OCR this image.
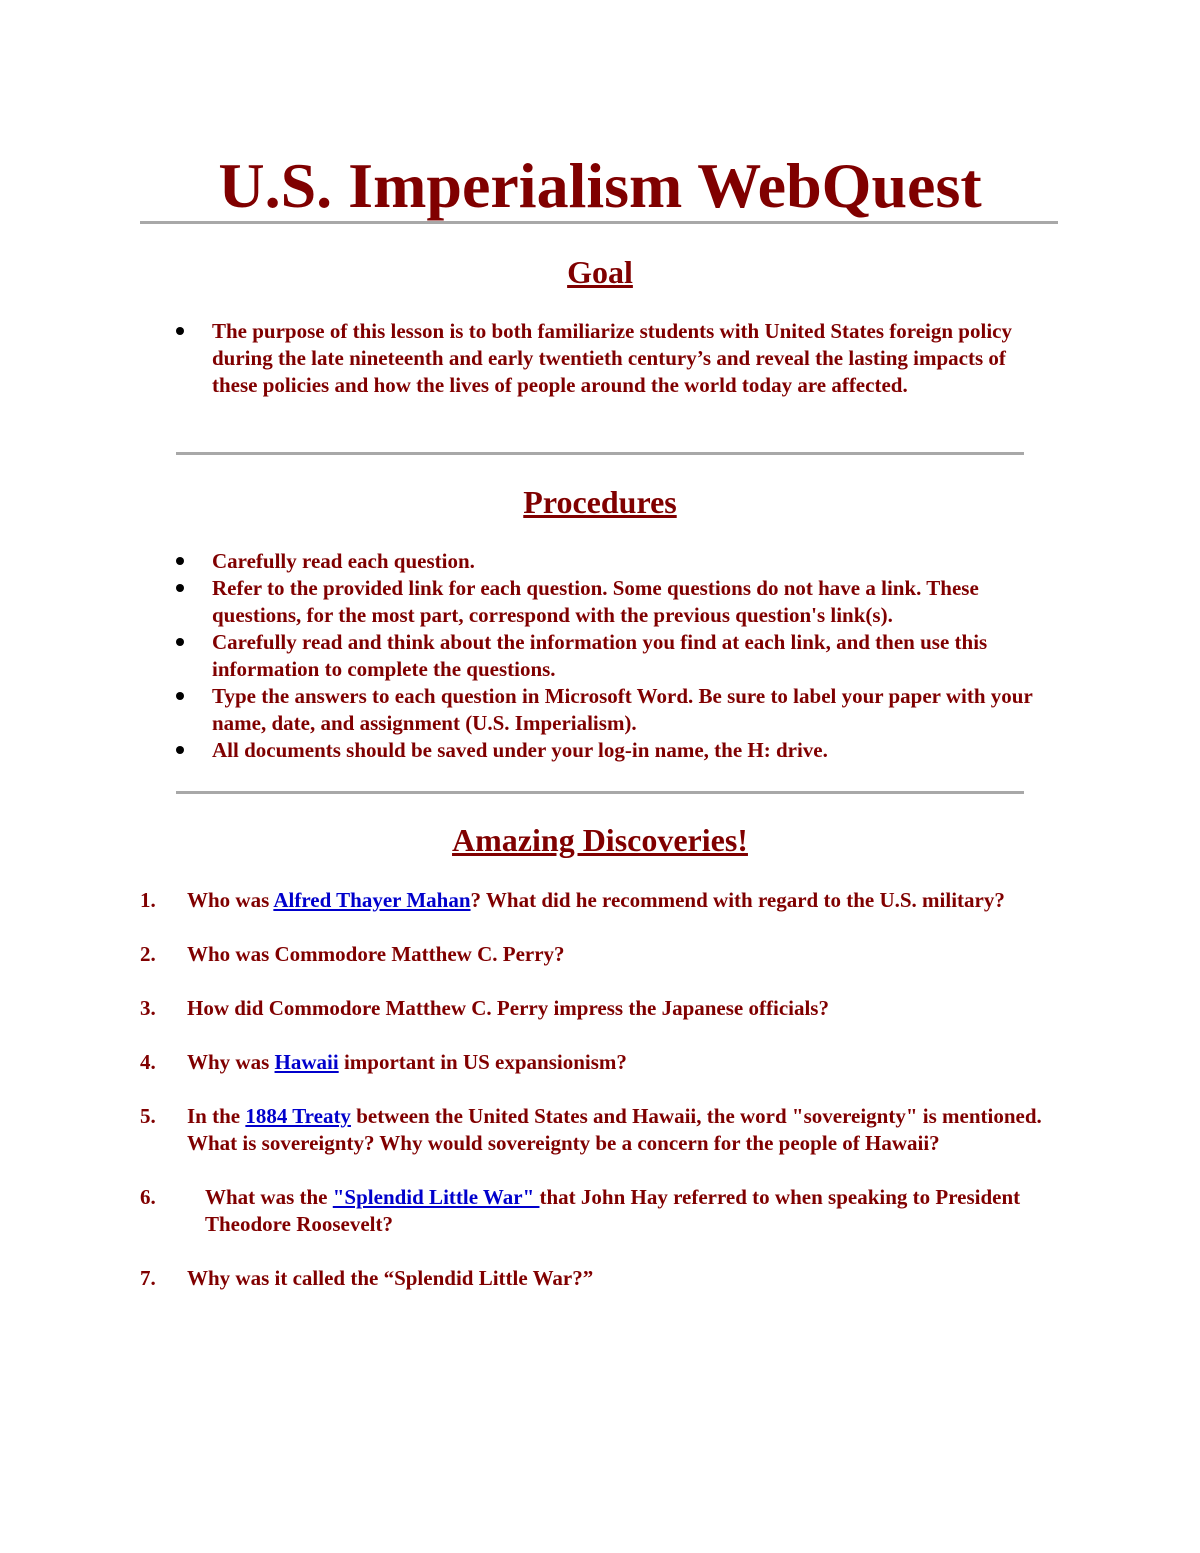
U.S. Imperialism WebQuest
Goal
The purpose of this lesson is to both familiarize students with United States foreign policy during the late nineteenth and early twentieth century’s and reveal the lasting impacts of these policies and how the lives of people around the world today are affected.
Procedures
Carefully read each question.
Refer to the provided link for each question. Some questions do not have a link. These questions, for the most part, correspond with the previous question's link(s).
Carefully read and think about the information you find at each link, and then use this information to complete the questions.
Type the answers to each question in Microsoft Word. Be sure to label your paper with your name, date, and assignment (U.S. Imperialism).
All documents should be saved under your log-in name, the H: drive.
Amazing Discoveries!
1. Who was Alfred Thayer Mahan? What did he recommend with regard to the U.S. military?
2. Who was Commodore Matthew C. Perry?
3. How did Commodore Matthew C. Perry impress the Japanese officials?
4. Why was Hawaii important in US expansionism?
5. In the 1884 Treaty between the United States and Hawaii, the word "sovereignty" is mentioned. What is sovereignty? Why would sovereignty be a concern for the people of Hawaii?
6. What was the "Splendid Little War" that John Hay referred to when speaking to President Theodore Roosevelt?
7. Why was it called the “Splendid Little War?”
